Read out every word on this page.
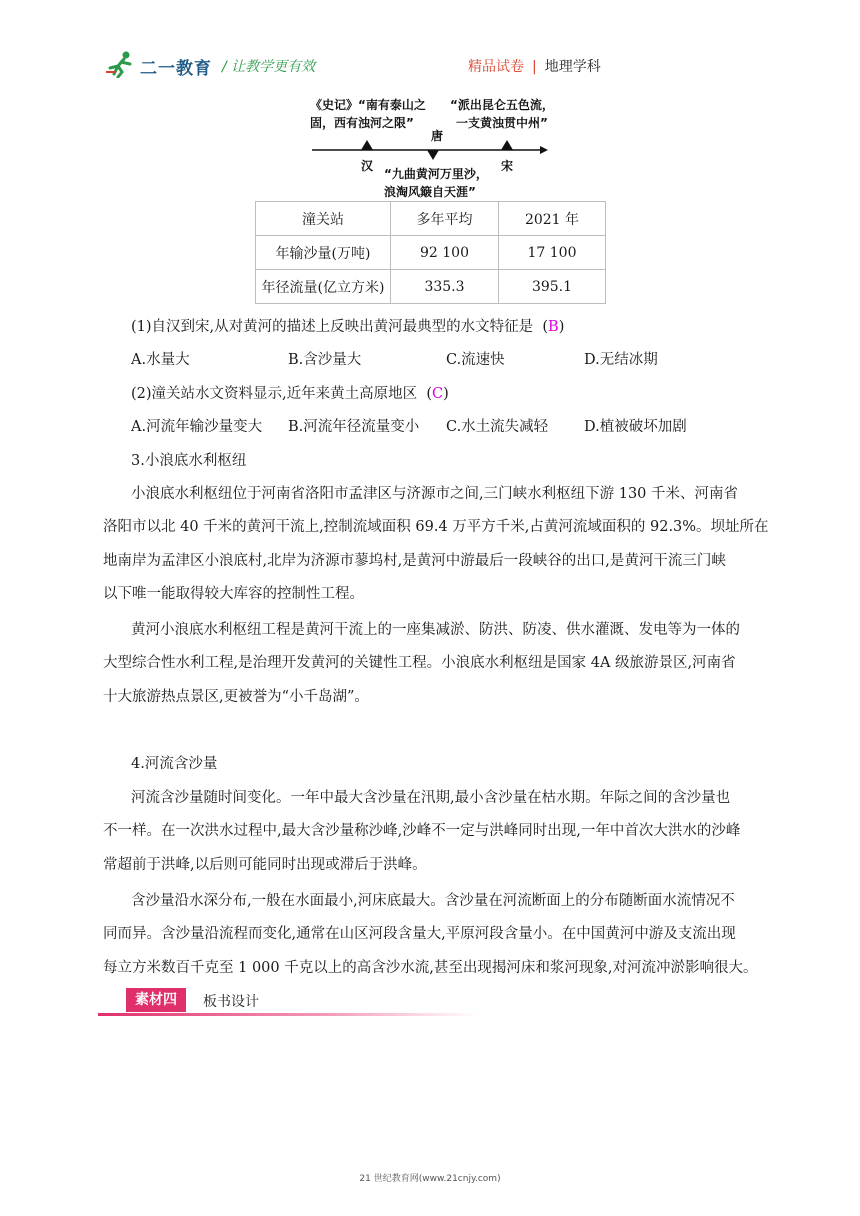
二一教育 / 让教学更有效	精品试卷 | 地理学科
《史记》“南有泰山之
固，西有浊河之限”
“派出昆仑五色流，
一支黄浊贯中州”
唐
汉	宋
“九曲黄河万里沙，
浪淘风簸自天涯”
潼关站	多年平均	2021 年
年输沙量(万吨)	92 100	17 100
年径流量(亿立方米)	335.3	395.1
(1)自汉到宋,从对黄河的描述上反映出黄河最典型的水文特征是 (B)
A.水量大	B.含沙量大	C.流速快	D.无结冰期
(2)潼关站水文资料显示,近年来黄土高原地区 (C)
A.河流年输沙量变大 B.河流年径流量变小 C.水土流失减轻 D.植被破坏加剧
3.小浪底水利枢纽
小浪底水利枢纽位于河南省洛阳市孟津区与济源市之间,三门峡水利枢纽下游 130 千米、河南省
洛阳市以北 40 千米的黄河干流上,控制流域面积 69.4 万平方千米,占黄河流域面积的 92.3%。坝址所在
地南岸为孟津区小浪底村,北岸为济源市蓼坞村,是黄河中游最后一段峡谷的出口,是黄河干流三门峡
以下唯一能取得较大库容的控制性工程。
黄河小浪底水利枢纽工程是黄河干流上的一座集减淤、防洪、防凌、供水灌溉、发电等为一体的
大型综合性水利工程,是治理开发黄河的关键性工程。小浪底水利枢纽是国家 4A 级旅游景区,河南省
十大旅游热点景区,更被誉为“小千岛湖”。
4.河流含沙量
河流含沙量随时间变化。一年中最大含沙量在汛期,最小含沙量在枯水期。年际之间的含沙量也
不一样。在一次洪水过程中,最大含沙量称沙峰,沙峰不一定与洪峰同时出现,一年中首次大洪水的沙峰
常超前于洪峰,以后则可能同时出现或滞后于洪峰。
含沙量沿水深分布,一般在水面最小,河床底最大。含沙量在河流断面上的分布随断面水流情况不
同而异。含沙量沿流程而变化,通常在山区河段含量大,平原河段含量小。在中国黄河中游及支流出现
每立方米数百千克至 1 000 千克以上的高含沙水流,甚至出现揭河床和浆河现象,对河流冲淤影响很大。
素材四	板书设计
21 世纪教育网(www.21cnjy.com)
